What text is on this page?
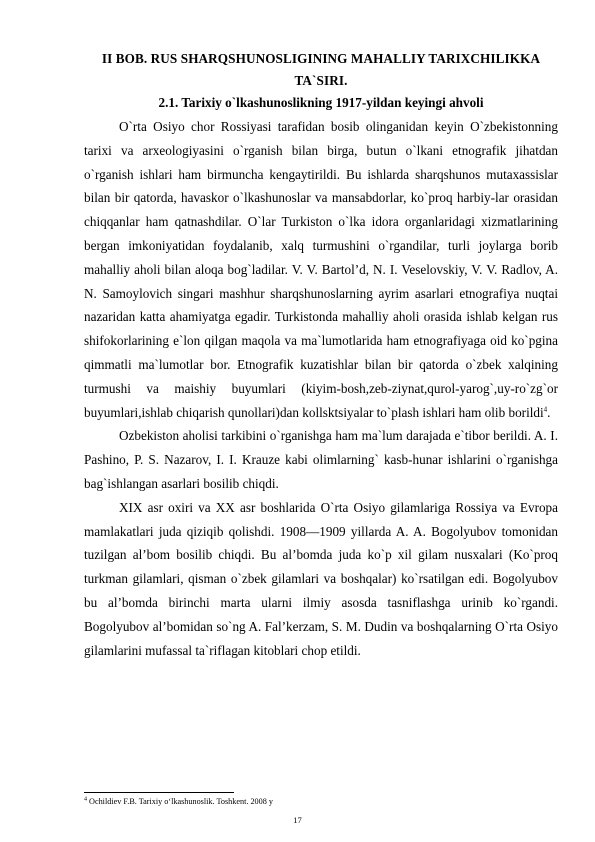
II BOB. RUS SHARQSHUNOSLIGINING MAHALLIY TARIXCHILIKKA TA`SIRI.
2.1. Tarixiy o`lkashunoslikning 1917-yildan keyingi ahvoli

O`rta Osiyo chor Rossiyasi tarafidan bosib olinganidan keyin O`zbekistonning tarixi va arxeologiyasini o`rganish bilan birga, butun o`lkani etnografik jihatdan o`rganish ishlari ham birmuncha kengaytirildi. Bu ishlarda sharqshunos mutaxassislar bilan bir qatorda, havaskor o`lkashunoslar va mansabdorlar, ko`proq harbiy-lar orasidan chiqqanlar ham qatnashdilar. O`lar Turkiston o`lka idora organlaridagi xizmatlarining bergan imkoniyatidan foydalanib, xalq turmushini o`rgandilar, turli joylarga borib mahalliy aholi bilan aloqa bog`ladilar. V. V. Bartol’d, N. I. Veselovskiy, V. V. Radlov, A. N. Samoylovich singari mashhur sharqshunoslarning ayrim asarlari etnografiya nuqtai nazaridan katta ahamiyatga egadir. Turkistonda mahalliy aholi orasida ishlab kelgan rus shifokorlarining e`lon qilgan maqola va ma`lumotlarida ham etnografiyaga oid ko`pgina qimmatli ma`lumotlar bor. Etnografik kuzatishlar bilan bir qatorda o`zbek xalqining turmushi va maishiy buyumlari (kiyim-bosh,zeb-ziynat,qurol-yarog`,uy-ro`zg`or buyumlari,ishlab chiqarish qunollari)dan kollsktsiyalar to`plash ishlari ham olib borildi$^4$.

Ozbekiston aholisi tarkibini o`rganishga ham ma`lum darajada e`tibor berildi. A. I. Pashino, P. S. Nazarov, I. I. Krauze kabi olimlarning` kasb-hunar ishlarini o`rganishga bag`ishlangan asarlari bosilib chiqdi.

XIX asr oxiri va XX asr boshlarida O`rta Osiyo gilamlariga Rossiya va Evropa mamlakatlari juda qiziqib qolishdi. 1908—1909 yillarda A. A. Bogolyubov tomonidan tuzilgan al’bom bosilib chiqdi. Bu al’bomda juda ko`p xil gilam nusxalari (Ko`proq turkman gilamlari, qisman o`zbek gilamlari va boshqalar) ko`rsatilgan edi. Bogolyubov bu al’bomda birinchi marta ularni ilmiy asosda tasniflashga urinib ko`rgandi. Bogolyubov al’bomidan so`ng A. Fal’kerzam, S. M. Dudin va boshqalarning O`rta Osiyo gilamlarini mufassal ta`riflagan kitoblari chop etildi.

$^4$ Ochildiev F.B. Tarixiy o‘lkashunoslik. Toshkent. 2008 y
17
